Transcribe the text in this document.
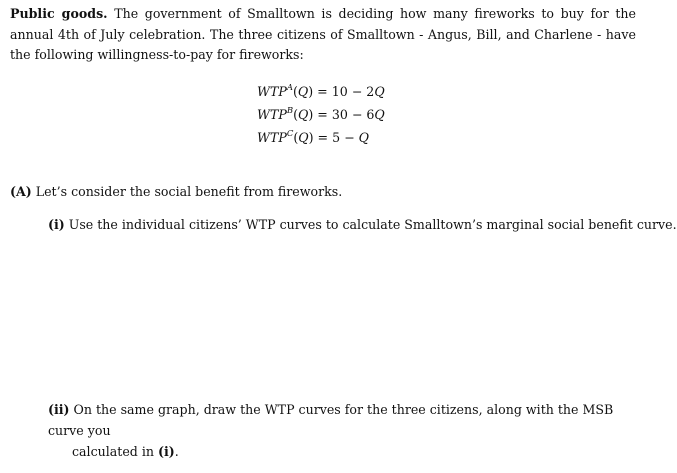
Public goods. The government of Smalltown is deciding how many fireworks to buy for the annual 4th of July celebration. The three citizens of Smalltown - Angus, Bill, and Charlene - have the following willingness-to-pay for fireworks:
$WTP^A(Q) = 10 - 2Q$
$WTP^B(Q) = 30 - 6Q$
$WTP^C(Q) = 5 - Q$
(A) Let’s consider the social benefit from fireworks.
(i) Use the individual citizens’ WTP curves to calculate Smalltown’s marginal social benefit curve.
(ii) On the same graph, draw the WTP curves for the three citizens, along with the MSB curve you
calculated in (i).
